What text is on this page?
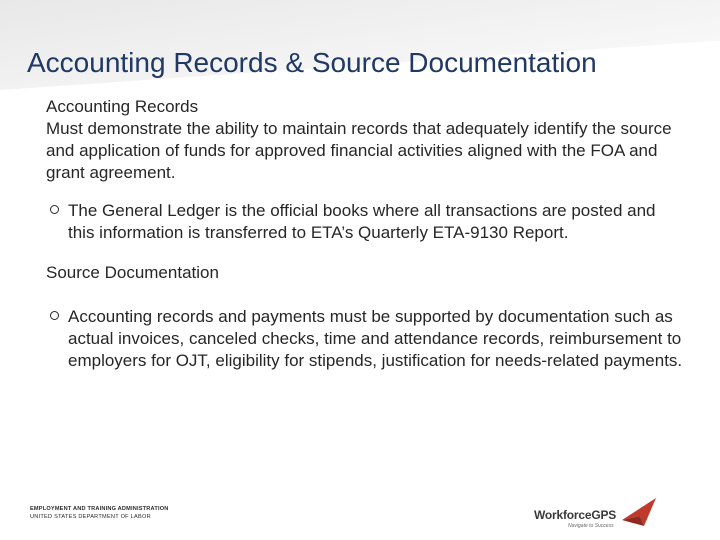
Accounting Records & Source Documentation

Accounting Records

Must demonstrate the ability to maintain records that adequately identify the source and application of funds for approved financial activities aligned with the FOA and grant agreement.

The General Ledger is the official books where all transactions are posted and this information is transferred to ETA’s Quarterly ETA-9130 Report.

Source Documentation

Accounting records and payments must be supported by documentation such as actual invoices, canceled checks, time and attendance records, reimbursement to employers for OJT, eligibility for stipends, justification for needs-related payments.
EMPLOYMENT AND TRAINING ADMINISTRATION
UNITED STATES DEPARTMENT OF LABOR	WorkforceGPS
Navigate to Success
